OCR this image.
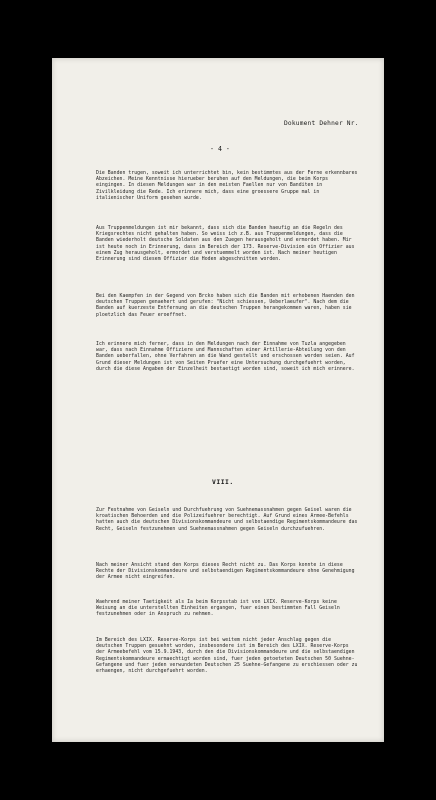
Dokument Dehner Nr.
- 4 -
Die Banden trugen, soweit ich unterrichtet bin, kein bestimmtes aus der Ferne erkennbares Abzeichen. Meine Kenntnisse hierueber beruhen auf den Meldungen, die beim Korps eingingen. In diesen Meldungen war in den meisten Faellen nur von Banditen in Zivilkleidung die Rede. Ich erinnere mich, dass eine groessere Gruppe mal in italienischer Uniform gesehen wurde.
Aus Truppenmeldungen ist mir bekannt, dass sich die Banden haeufig an die Regeln des Kriegsrechtes nicht gehalten haben. So weiss ich z.B. aus Truppenmeldungen, dass die Banden wiederholt deutsche Soldaten aus den Zuegen herausgeholt und ermordet haben. Mir ist heute noch in Erinnerung, dass im Bereich der 173. Reserve-Division ein Offizier aus einem Zug herausgeholt, ermordet und verstuemmelt worden ist. Nach meiner heutigen Erinnerung sind diesem Offizier die Hoden abgeschnitten worden.
Bei den Kaempfen in der Gegend von Brcko haben sich die Banden mit erhobenen Haenden den deutschen Truppen genaehert und gerufen: "Nicht schiessen, Ueberlaeufer". Nach dem die Banden auf kuerzeste Entfernung an die deutschen Truppen herangekommen waren, haben sie ploetzlich das Feuer eroeffnet.
Ich erinnere mich ferner, dass in den Meldungen nach der Einnahme von Tuzla angegeben war, dass nach Einnahme Offiziere und Mannschaften einer Artillerie-Abteilung von den Banden ueberfallen, ohne Verfahren an die Wand gestellt und erschossen worden seien. Auf Grund dieser Meldungen ist von Seiten Pruefer eine Untersuchung durchgefuehrt worden, durch die diese Angaben der Einzelheit bestaetigt worden sind, soweit ich mich erinnere.
VIII.
Zur Festnahme von Geiseln und Durchfuehrung von Suehnemassnahmen gegen Geisel waren die kroatischen Behoerden und die Polizeifuehrer berechtigt. Auf Grund eines Armee-Befehls hatten auch die deutschen Divisionskommandeure und selbstaendige Regimentskommandeure das Recht, Geiseln festzunehmen und Suehnemassnahmen gegen Geiseln durchzufuehren.
Nach meiner Ansicht stand den Korps dieses Recht nicht zu. Das Korps konnte in diese Rechte der Divisionskommandeure und selbstaendigen Regimentskommandeure ohne Genehmigung der Armee nicht eingreifen.
Waehrend meiner Taetigkeit als Ia beim Korpsstab ist von LXIX. Reserve-Korps keine Weisung an die unterstellten Einheiten ergangen, fuer einen bestimmten Fall Geiseln festzunehmen oder in Anspruch zu nehmen.
Im Bereich des LXIX. Reserve-Korps ist bei weitem nicht jeder Anschlag gegen die deutschen Truppen gesuehnt worden, insbesondere ist im Bereich des LXIX. Reserve-Korps der Armeebefehl vom 15.9.1943, durch den die Divisionskommandeure und die selbstaendigen Regimentskommandeure ermaechtigt worden sind, fuer jeden getoeteten Deutschen 50 Suehne-Gefangene und fuer jeden verwundeten Deutschen 25 Suehne-Gefangene zu erschiessen oder zu erhaengen, nicht durchgefuehrt worden.
